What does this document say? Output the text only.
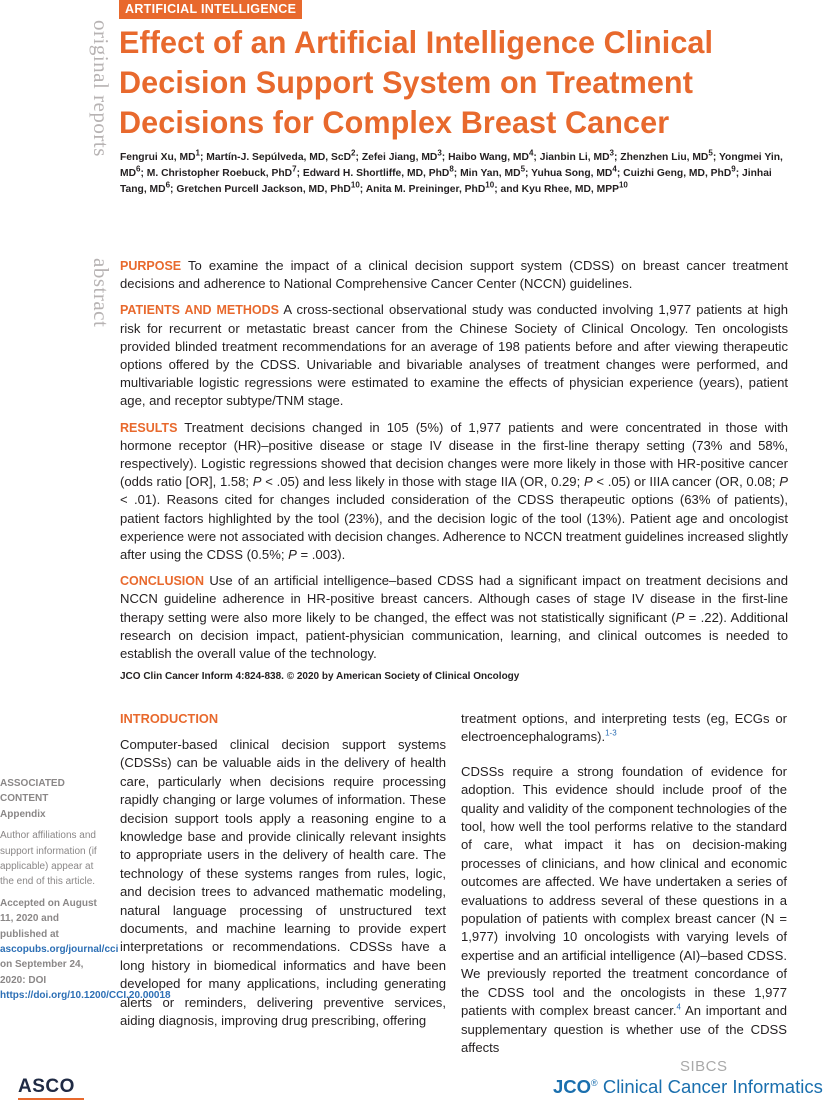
ARTIFICIAL INTELLIGENCE
original reports
abstract
Effect of an Artificial Intelligence Clinical Decision Support System on Treatment Decisions for Complex Breast Cancer
Fengrui Xu, $MD^1$; Martín-J. Sepúlveda, MD, ScD$^2$; Zefei Jiang, $MD^3$; Haibo Wang, $MD^4$; Jianbin Li, $MD^3$; Zhenzhen Liu, $MD^5$; Yongmei Yin, $MD^6$; M. Christopher Roebuck, PhD$^7$; Edward H. Shortliffe, MD, PhD$^8$; Min Yan, $MD^5$; Yuhua Song, $MD^4$; Cuizhi Geng, MD, PhD$^9$; Jinhai Tang, $MD^6$; Gretchen Purcell Jackson, MD, PhD$^{10}$; Anita M. Preininger, PhD$^{10}$; and Kyu Rhee, MD, MPP$^{10}$

PURPOSE To examine the impact of a clinical decision support system (CDSS) on breast cancer treatment decisions and adherence to National Comprehensive Cancer Center (NCCN) guidelines.

PATIENTS AND METHODS A cross-sectional observational study was conducted involving 1,977 patients at high risk for recurrent or metastatic breast cancer from the Chinese Society of Clinical Oncology. Ten oncologists provided blinded treatment recommendations for an average of 198 patients before and after viewing therapeutic options offered by the CDSS. Univariable and bivariable analyses of treatment changes were performed, and multivariable logistic regressions were estimated to examine the effects of physician experience (years), patient age, and receptor subtype/TNM stage.

RESULTS Treatment decisions changed in 105 (5%) of 1,977 patients and were concentrated in those with hormone receptor (HR)–positive disease or stage IV disease in the first-line therapy setting (73% and 58%, respectively). Logistic regressions showed that decision changes were more likely in those with HR-positive cancer (odds ratio [OR], 1.58; P < .05) and less likely in those with stage IIA (OR, 0.29; P < .05) or IIIA cancer (OR, 0.08; P < .01). Reasons cited for changes included consideration of the CDSS therapeutic options (63% of patients), patient factors highlighted by the tool (23%), and the decision logic of the tool (13%). Patient age and oncologist experience were not associated with decision changes. Adherence to NCCN treatment guidelines increased slightly after using the CDSS (0.5%; P = .003).

CONCLUSION Use of an artificial intelligence–based CDSS had a significant impact on treatment decisions and NCCN guideline adherence in HR-positive breast cancers. Although cases of stage IV disease in the first-line therapy setting were also more likely to be changed, the effect was not statistically significant (P = .22). Additional research on decision impact, patient-physician communication, learning, and clinical outcomes is needed to establish the overall value of the technology.

JCO Clin Cancer Inform 4:824-838. © 2020 by American Society of Clinical Oncology
INTRODUCTION
Computer-based clinical decision support systems (CDSSs) can be valuable aids in the delivery of health care, particularly when decisions require processing rapidly changing or large volumes of information. These decision support tools apply a reasoning engine to a knowledge base and provide clinically relevant insights to appropriate users in the delivery of health care. The technology of these systems ranges from rules, logic, and decision trees to advanced mathematic modeling, natural language processing of unstructured text documents, and machine learning to provide expert interpretations or recommendations. CDSSs have a long history in biomedical informatics and have been developed for many applications, including generating alerts or reminders, delivering preventive services, aiding diagnosis, improving drug prescribing, offering

treatment options, and interpreting tests (eg, ECGs or electroencephalograms).$^{1-3}$

CDSSs require a strong foundation of evidence for adoption. This evidence should include proof of the quality and validity of the component technologies of the tool, how well the tool performs relative to the standard of care, what impact it has on decision-making processes of clinicians, and how clinical and economic outcomes are affected. We have undertaken a series of evaluations to address several of these questions in a population of patients with complex breast cancer (N = 1,977) involving 10 oncologists with varying levels of expertise and an artificial intelligence (AI)–based CDSS. We previously reported the treatment concordance of the CDSS tool and the oncologists in these 1,977 patients with complex breast cancer.$^4$ An important and supplementary question is whether use of the CDSS affects

ASSOCIATED CONTENT
Appendix

Author affiliations and support information (if applicable) appear at the end of this article.

Accepted on August 11, 2020 and published at ascopubs.org/journal/cci on September 24, 2020: DOI https://doi.org/10.1200/CCI.20.00018

ASCO
SIBCS
JCO® Clinical Cancer Informatics
